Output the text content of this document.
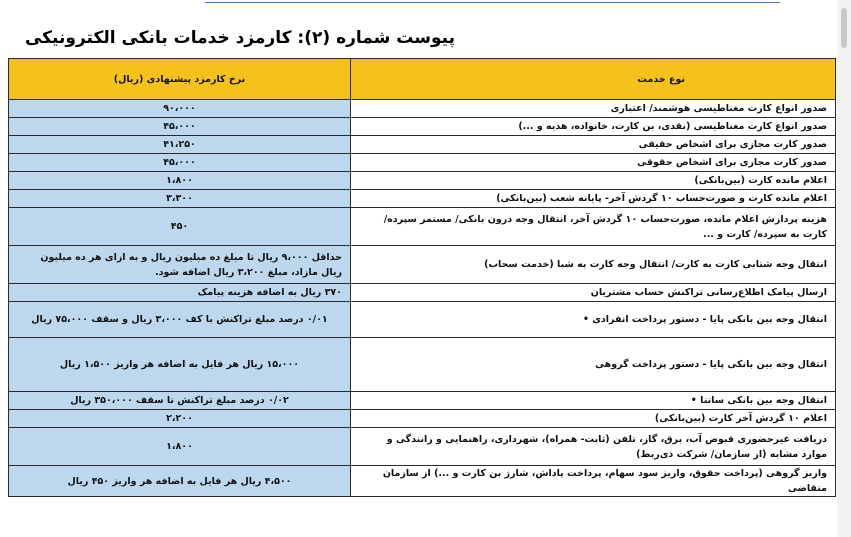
پیوست شماره (۲): کارمزد خدمات بانکی الکترونیکی
نوع خدمت	نرخ کارمزد پیشنهادی (ریال)
صدور انواع کارت مغناطیسی هوشمند/ اعتباری	۹۰،۰۰۰
صدور انواع کارت مغناطیسی (نقدی، بن کارت، خانواده، هدیه و ...)	۴۵،۰۰۰
صدور کارت مجازی برای اشخاص حقیقی	۴۱،۲۵۰
صدور کارت مجازی برای اشخاص حقوقی	۴۵،۰۰۰
اعلام مانده کارت (بین‌بانکی)	۱،۸۰۰
اعلام مانده کارت و صورت‌حساب ۱۰ گردش آخر- پایانه شعب (بین‌بانکی)	۳،۳۰۰
هزینه پردازش اعلام مانده، صورت‌حساب ۱۰ گردش آخر، انتقال وجه درون بانکی/ مستمر سپرده/ کارت به سپرده/ کارت و ...	۴۵۰
انتقال وجه شتابی کارت به کارت/ انتقال وجه کارت به شبا (خدمت سحاب)	حداقل ۹،۰۰۰ ریال تا مبلغ ده میلیون ریال و به ازای هر ده میلیون ریال مازاد، مبلغ ۳،۲۰۰ ریال اضافه شود.
ارسال پیامک اطلاع‌رسانی تراکنش حساب مشتریان	۳۷۰ ریال به اضافه هزینه پیامک
انتقال وجه بین بانکی پایا - دستور پرداخت انفرادی •	۰/۰۱ درصد مبلغ تراکنش با کف ۳،۰۰۰ ریال و سقف ۷۵،۰۰۰ ریال
انتقال وجه بین بانکی پایا - دستور پرداخت گروهی	۱۵،۰۰۰ ریال هر فایل به اضافه هر واریز ۱،۵۰۰ ریال
انتقال وجه بین بانکی ساتنا •	۰/۰۲ درصد مبلغ تراکنش تا سقف ۳۵۰،۰۰۰ ریال
اعلام ۱۰ گردش آخر کارت (بین‌بانکی)	۲،۲۰۰
دریافت غیرحضوری قبوض آب، برق، گاز، تلفن (ثابت- همراه)، شهرداری، راهنمایی و رانندگی و موارد مشابه (از سازمان/ شرکت ذی‌ربط)	۱،۸۰۰
واریز گروهی (پرداخت حقوق، واریز سود سهام، پرداخت پاداش، شارژ بن کارت و ...) از سازمان متقاضی	۴،۵۰۰ ریال هر فایل به اضافه هر واریز ۴۵۰ ریال
